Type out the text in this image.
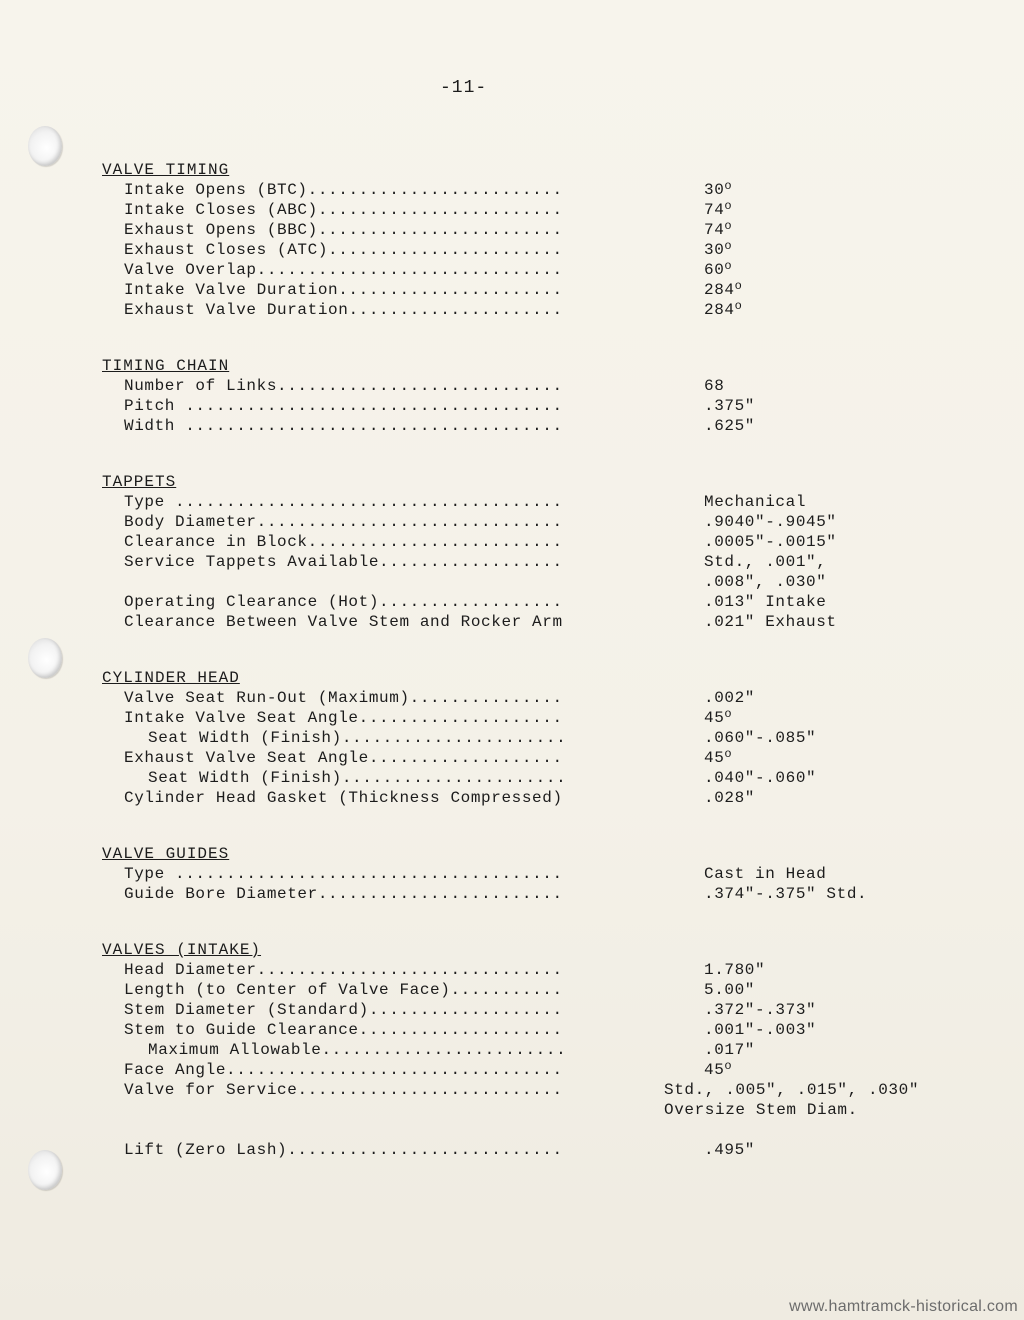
-11-
VALVE TIMING
Intake Opens (BTC).........................	30$^o$
Intake Closes (ABC)........................	74$^o$
Exhaust Opens (BBC)........................	74$^o$
Exhaust Closes (ATC).......................	30$^o$
Valve Overlap..............................	60$^o$
Intake Valve Duration......................	284$^o$
Exhaust Valve Duration.....................	284$^o$
TIMING CHAIN
Number of Links............................	68
Pitch .....................................	.375"
Width .....................................	.625"
TAPPETS
Type ......................................	Mechanical
Body Diameter..............................	.9040"-.9045"
Clearance in Block.........................	.0005"-.0015"
Service Tappets Available..................	Std., .001",
.008", .030"
Operating Clearance (Hot)..................	.013" Intake
Clearance Between Valve Stem and Rocker Arm	.021" Exhaust
CYLINDER HEAD
Valve Seat Run-Out (Maximum)...............	.002"
Intake Valve Seat Angle....................	45$^o$
Seat Width (Finish)......................	.060"-.085"
Exhaust Valve Seat Angle...................	45$^o$
Seat Width (Finish)......................	.040"-.060"
Cylinder Head Gasket (Thickness Compressed)	.028"
VALVE GUIDES
Type ......................................	Cast in Head
Guide Bore Diameter........................	.374"-.375" Std.
VALVES (INTAKE)
Head Diameter..............................	1.780"
Length (to Center of Valve Face)...........	5.00"
Stem Diameter (Standard)...................	.372"-.373"
Stem to Guide Clearance....................	.001"-.003"
Maximum Allowable........................	.017"
Face Angle.................................	45$^o$
Valve for Service..........................	Std., .005", .015", .030"
Oversize Stem Diam.
Lift (Zero Lash)...........................	.495"
www.hamtramck-historical.com
